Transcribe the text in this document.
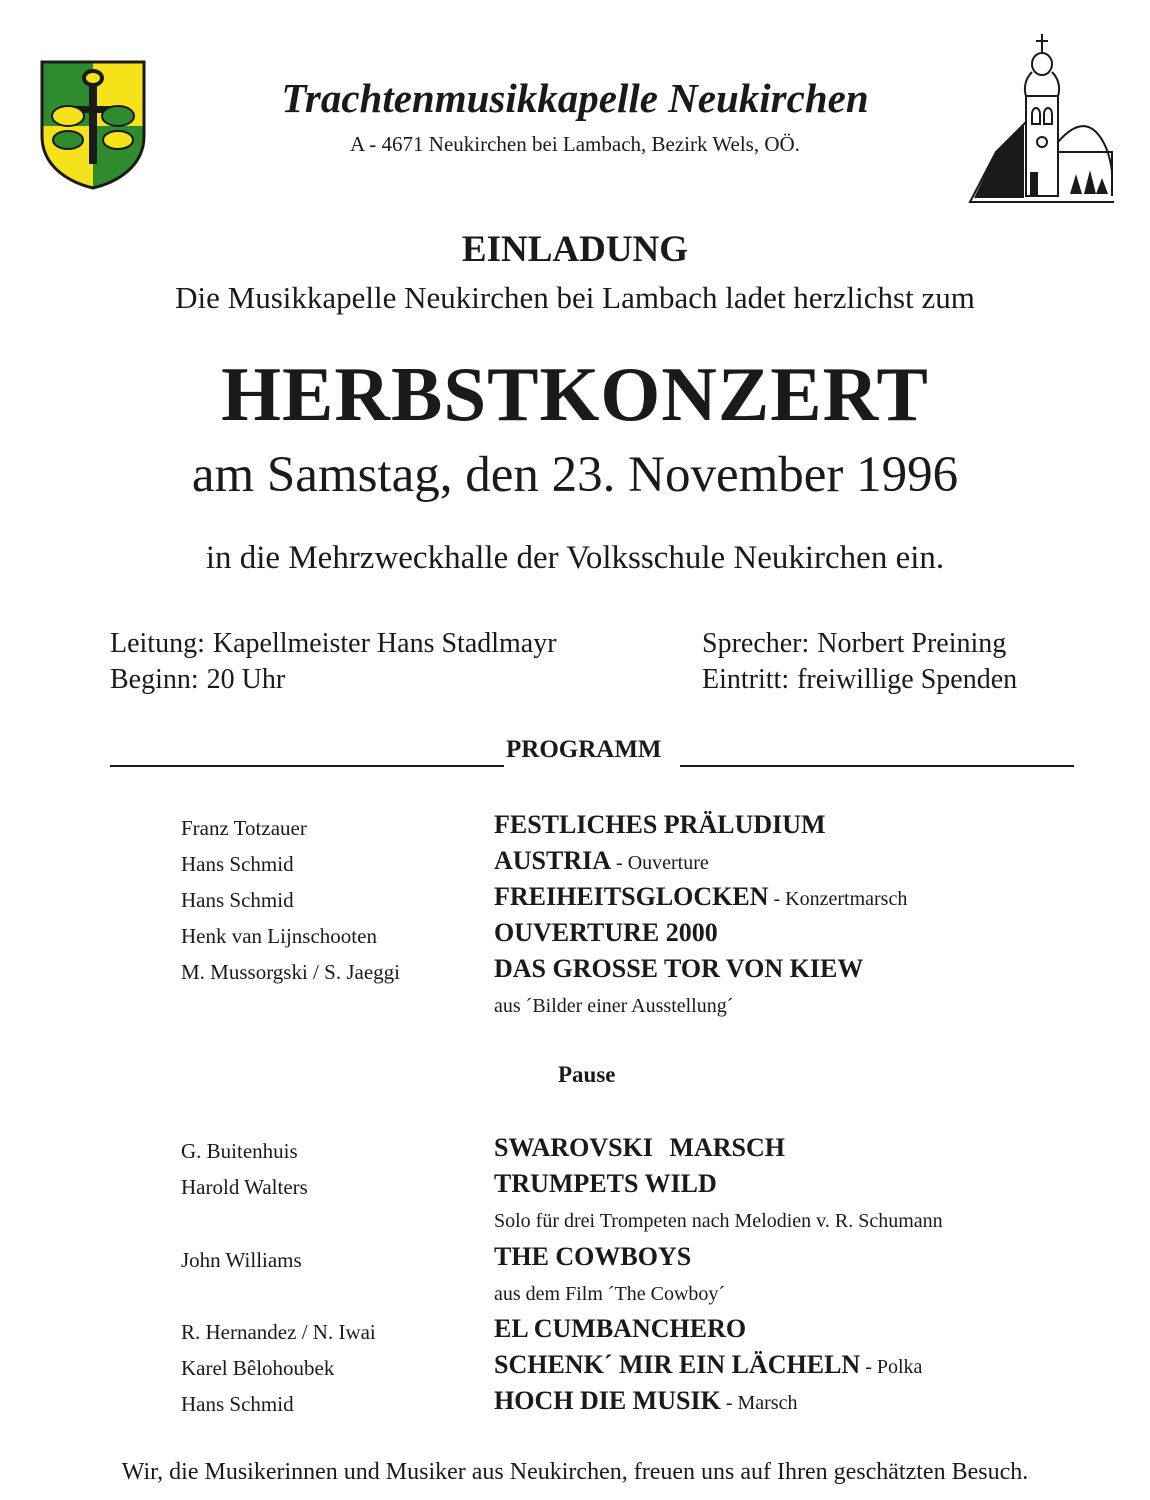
Trachtenmusikkapelle Neukirchen
A - 4671 Neukirchen bei Lambach, Bezirk Wels, OÖ.
EINLADUNG
Die Musikkapelle Neukirchen bei Lambach ladet herzlichst zum
HERBSTKONZERT
am Samstag, den 23. November 1996
in die Mehrzweckhalle der Volksschule Neukirchen ein.
Leitung: Kapellmeister Hans Stadlmayr
Beginn: 20 Uhr
Sprecher: Norbert Preining
Eintritt: freiwillige Spenden
PROGRAMM
Franz Totzauer	FESTLICHES PRÄLUDIUM
Hans Schmid	AUSTRIA - Ouverture
Hans Schmid	FREIHEITSGLOCKEN - Konzertmarsch
Henk van Lijnschooten	OUVERTURE 2000
M. Mussorgski / S. Jaeggi	DAS GROSSE TOR VON KIEW
aus ´Bilder einer Ausstellung´
Pause
G. Buitenhuis	SWAROVSKI MARSCH
Harold Walters	TRUMPETS WILD
Solo für drei Trompeten nach Melodien v. R. Schumann
John Williams	THE COWBOYS
aus dem Film ´The Cowboy´
R. Hernandez / N. Iwai	EL CUMBANCHERO
Karel Bêlohoubek	SCHENK´ MIR EIN LÄCHELN - Polka
Hans Schmid	HOCH DIE MUSIK - Marsch
Wir, die Musikerinnen und Musiker aus Neukirchen, freuen uns auf Ihren geschätzten Besuch.
